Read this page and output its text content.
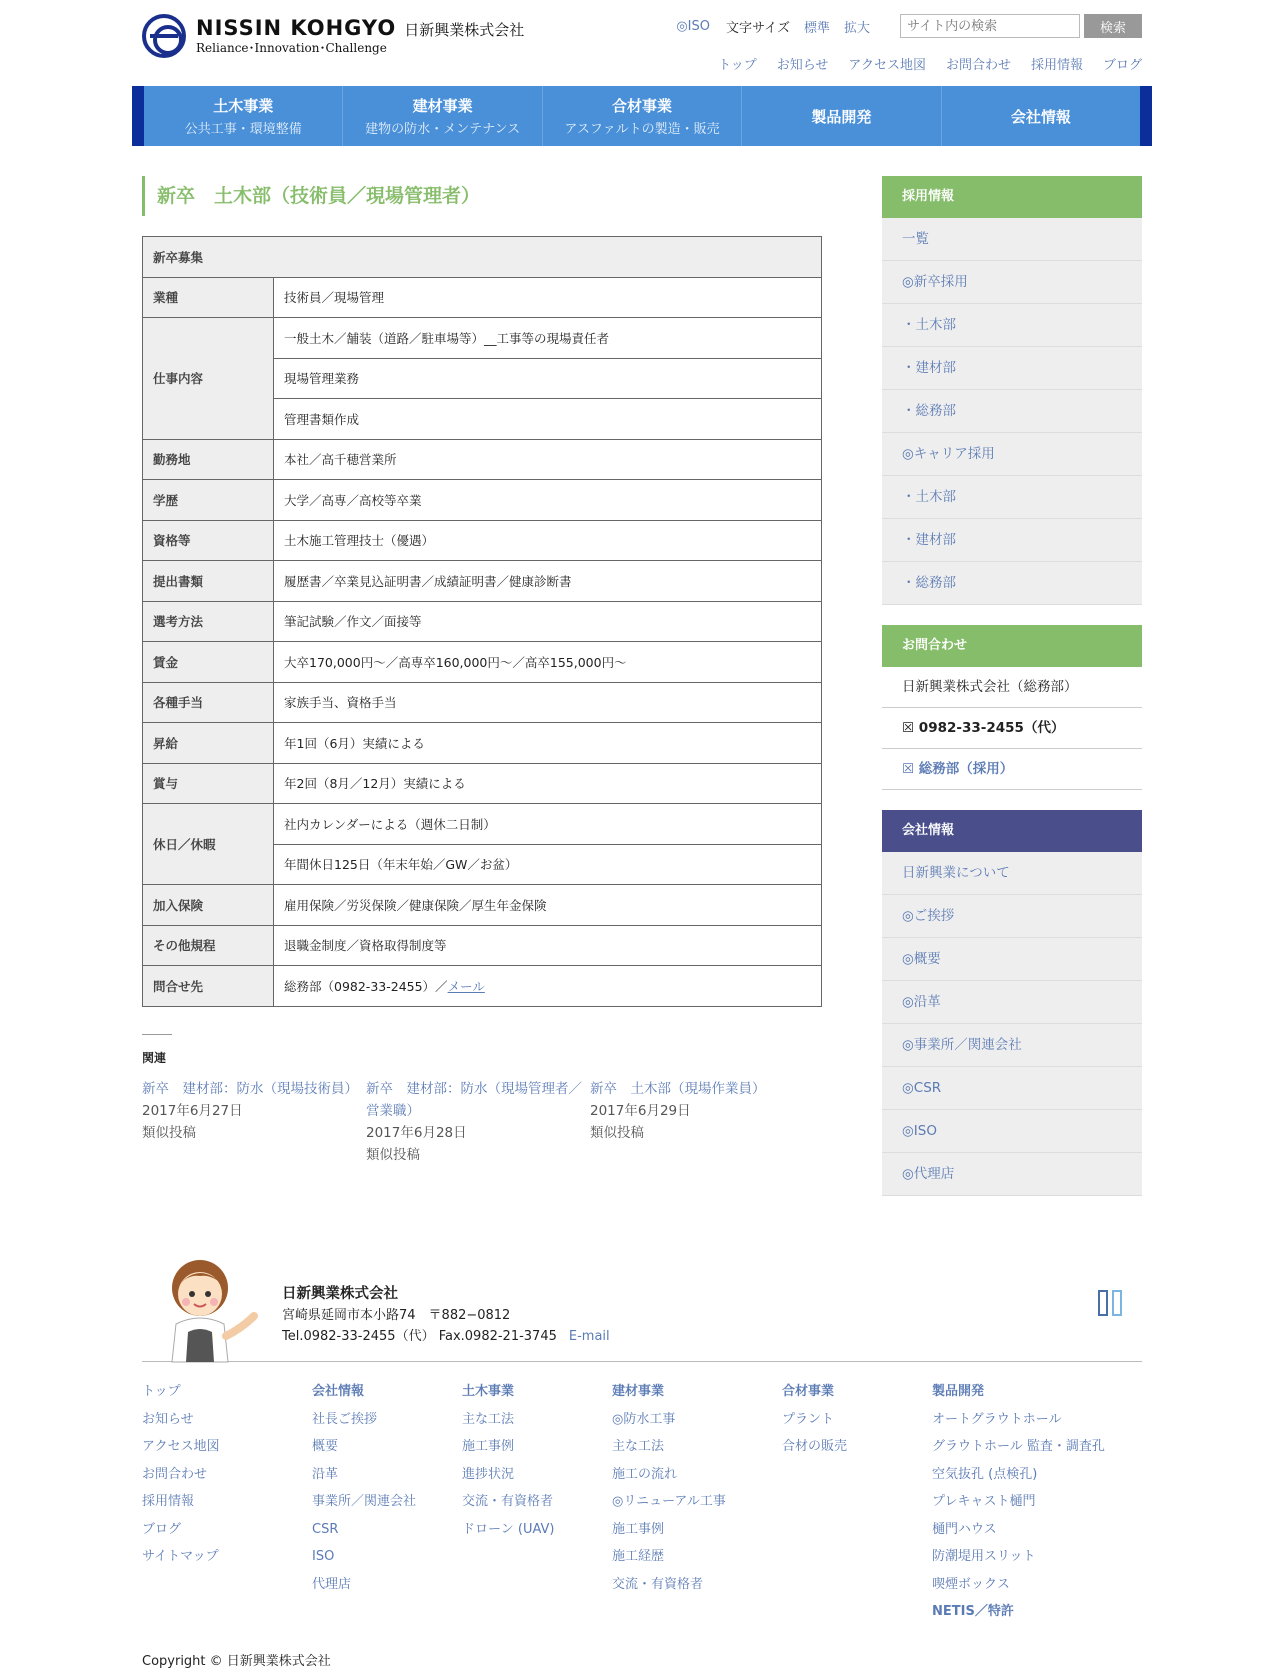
NISSIN KOHGYO 日新興業株式会社
Reliance･Innovation･Challenge
◎ISO 文字サイズ 標準 拡大
サイト内の検索	検索
トップ お知らせ アクセス地図 お問合わせ 採用情報 ブログ
土木事業
公共工事・環境整備
建材事業
建物の防水・メンテナンス
合材事業
アスファルトの製造・販売
製品開発	会社情報
新卒　土木部（技術員／現場管理者）
新卒募集	
業種	技術員／現場管理
仕事内容	一般土木／舗装（道路／駐車場等）__工事等の現場責任者
	現場管理業務
	管理書類作成
勤務地	本社／高千穂営業所
学歴	大学／高専／高校等卒業
資格等	土木施工管理技士（優遇）
提出書類	履歴書／卒業見込証明書／成績証明書／健康診断書
選考方法	筆記試験／作文／面接等
賃金	大卒170,000円〜／高専卒160,000円〜／高卒155,000円〜
各種手当	家族手当、資格手当
昇給	年1回（6月）実績による
賞与	年2回（8月／12月）実績による
休日／休暇	社内カレンダーによる（週休二日制）
	年間休日125日（年末年始／GW／お盆）
加入保険	雇用保険／労災保険／健康保険／厚生年金保険
その他規程	退職金制度／資格取得制度等
問合せ先	総務部（0982-33-2455）／メール
関連
新卒　建材部：防水（現場技術員）
2017年6月27日
類似投稿
新卒　建材部：防水（現場管理者／営業職）
2017年6月28日
類似投稿
新卒　土木部（現場作業員）
2017年6月29日
類似投稿
採用情報
一覧
◎新卒採用
・土木部
・建材部
・総務部
◎キャリア採用
・土木部
・建材部
・総務部
お問合わせ
日新興業株式会社（総務部）
☒ 0982-33-2455（代）
☒ 総務部（採用）
会社情報
日新興業について
◎ご挨拶
◎概要
◎沿革
◎事業所／関連会社
◎CSR
◎ISO
◎代理店
日新興業株式会社
宮崎県延岡市本小路74　〒882−0812
Tel.0982-33-2455（代） Fax.0982-21-3745 E-mail
トップ
お知らせ
アクセス地図
お問合わせ
採用情報
ブログ
サイトマップ
会社情報
社長ご挨拶
概要
沿革
事業所／関連会社
CSR
ISO
代理店
土木事業
主な工法
施工事例
進捗状況
交流・有資格者
ドローン (UAV)
建材事業
◎防水工事
主な工法
施工の流れ
◎リニューアル工事
施工事例
施工経歴
交流・有資格者
合材事業
プラント
合材の販売
製品開発
オートグラウトホール
グラウトホール 監査・調査孔
空気抜孔 (点検孔)
プレキャスト樋門
樋門ハウス
防潮堤用スリット
喫煙ボックス
NETIS／特許
Copyright © 日新興業株式会社
